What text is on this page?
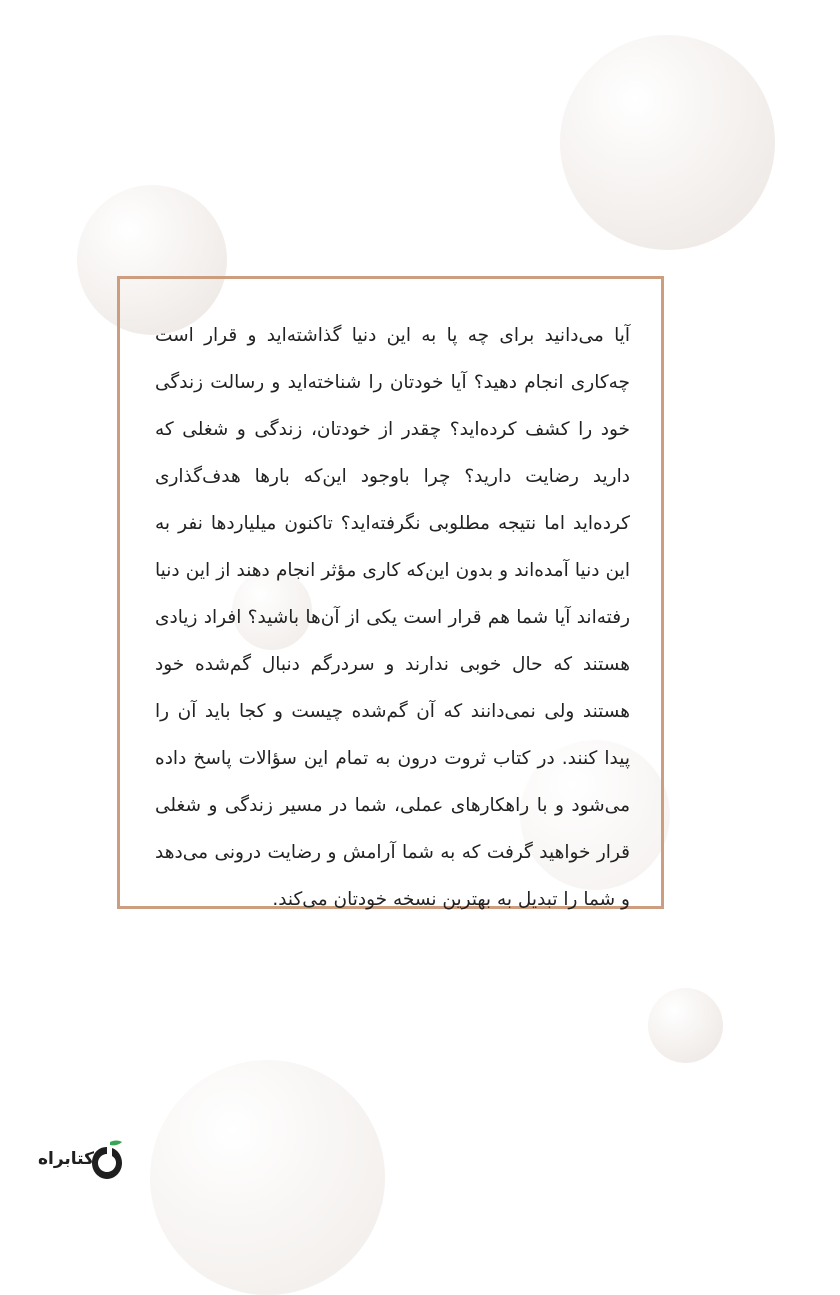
آیا می‌دانید برای چه پا به این دنیا گذاشته‌اید و قرار است چه‌کاری انجام دهید؟ آیا خودتان را شناخته‌اید و رسالت زندگی خود را کشف کرده‌اید؟ چقدر از خودتان، زندگی و شغلی که دارید رضایت دارید؟ چرا باوجود این‌که بارها هدف‌گذاری کرده‌اید اما نتیجه مطلوبی نگرفته‌اید؟ تاکنون میلیاردها نفر به این دنیا آمده‌اند و بدون این‌که کاری مؤثر انجام دهند از این دنیا رفته‌اند آیا شما هم قرار است یکی از آن‌ها باشید؟ افراد زیادی هستند که حال خوبی ندارند و سردرگم دنبال گم‌شده خود هستند ولی نمی‌دانند که آن گم‌شده چیست و کجا باید آن را پیدا کنند. در کتاب ثروت درون به تمام این سؤالات پاسخ داده می‌شود و با راهکارهای عملی، شما در مسیر زندگی و شغلی قرار خواهید گرفت که به شما آرامش و رضایت درونی می‌دهد و شما را تبدیل به بهترین نسخه خودتان می‌کند.

کتابراه
